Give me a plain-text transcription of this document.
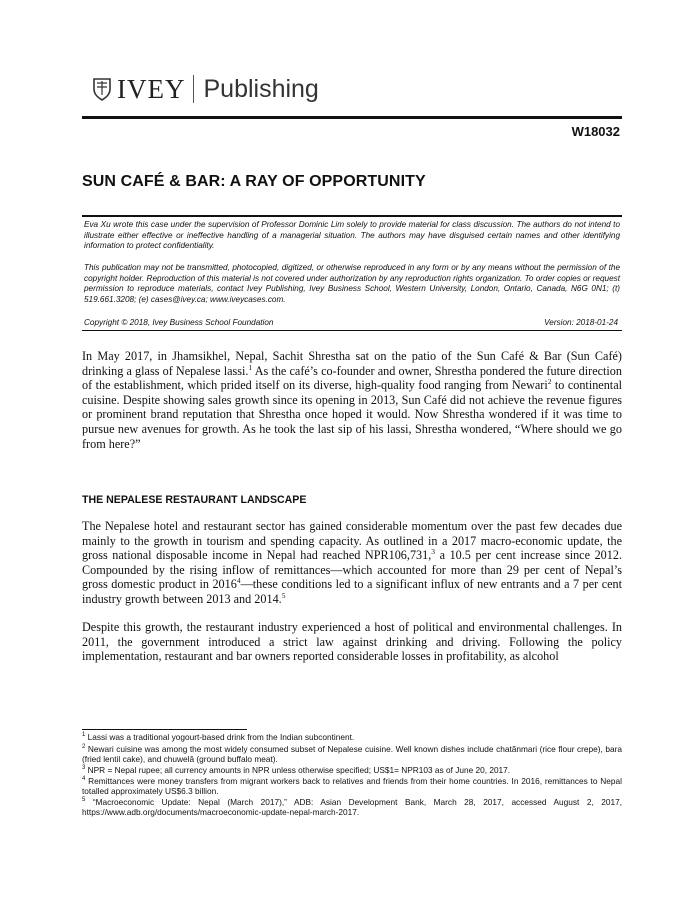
IVEY Publishing
W18032
SUN CAFÉ & BAR: A RAY OF OPPORTUNITY
Eva Xu wrote this case under the supervision of Professor Dominic Lim solely to provide material for class discussion. The authors do not intend to illustrate either effective or ineffective handling of a managerial situation. The authors may have disguised certain names and other identifying information to protect confidentiality.
This publication may not be transmitted, photocopied, digitized, or otherwise reproduced in any form or by any means without the permission of the copyright holder. Reproduction of this material is not covered under authorization by any reproduction rights organization. To order copies or request permission to reproduce materials, contact Ivey Publishing, Ivey Business School, Western University, London, Ontario, Canada, N6G 0N1; (t) 519.661.3208; (e) cases@ivey.ca; www.iveycases.com.
Copyright © 2018, Ivey Business School Foundation	Version: 2018-01-24
In May 2017, in Jhamsikhel, Nepal, Sachit Shrestha sat on the patio of the Sun Café & Bar (Sun Café) drinking a glass of Nepalese lassi.$^1$ As the café’s co-founder and owner, Shrestha pondered the future direction of the establishment, which prided itself on its diverse, high-quality food ranging from Newari$^2$ to continental cuisine. Despite showing sales growth since its opening in 2013, Sun Café did not achieve the revenue figures or prominent brand reputation that Shrestha once hoped it would. Now Shrestha wondered if it was time to pursue new avenues for growth. As he took the last sip of his lassi, Shrestha wondered, “Where should we go from here?”
THE NEPALESE RESTAURANT LANDSCAPE
The Nepalese hotel and restaurant sector has gained considerable momentum over the past few decades due mainly to the growth in tourism and spending capacity. As outlined in a 2017 macro-economic update, the gross national disposable income in Nepal had reached NPR106,731,$^3$ a 10.5 per cent increase since 2012. Compounded by the rising inflow of remittances—which accounted for more than 29 per cent of Nepal’s gross domestic product in 2016$^4$—these conditions led to a significant influx of new entrants and a 7 per cent industry growth between 2013 and 2014.$^5$
Despite this growth, the restaurant industry experienced a host of political and environmental challenges. In 2011, the government introduced a strict law against drinking and driving. Following the policy implementation, restaurant and bar owners reported considerable losses in profitability, as alcohol
$^1$ Lassi was a traditional yogourt-based drink from the Indian subcontinent.
$^2$ Newari cuisine was among the most widely consumed subset of Nepalese cuisine. Well known dishes include chatãnmari (rice flour crepe), bara (fried lentil cake), and chuwelâ (ground buffalo meat).
$^3$ NPR = Nepal rupee; all currency amounts in NPR unless otherwise specified; US$1= NPR103 as of June 20, 2017.
$^4$ Remittances were money transfers from migrant workers back to relatives and friends from their home countries. In 2016, remittances to Nepal totalled approximately US$6.3 billion.
$^5$ “Macroeconomic Update: Nepal (March 2017),” ADB: Asian Development Bank, March 28, 2017, accessed August 2, 2017, https://www.adb.org/documents/macroeconomic-update-nepal-march-2017.
